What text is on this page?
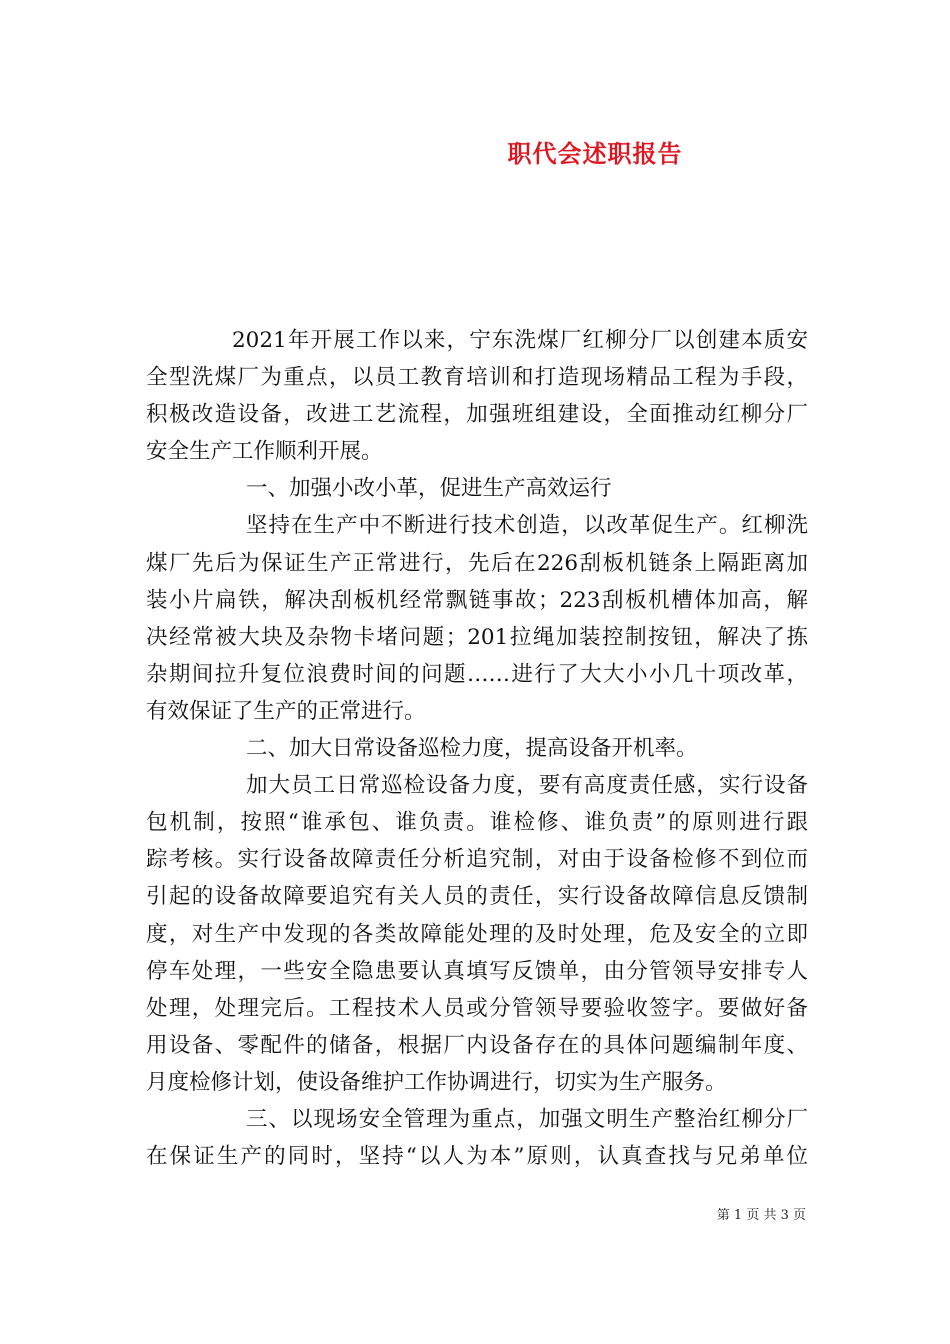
职代会述职报告
2021年开展工作以来，宁东洗煤厂红柳分厂以创建本质安
全型洗煤厂为重点，以员工教育培训和打造现场精品工程为手段，
积极改造设备，改进工艺流程，加强班组建设，全面推动红柳分厂
安全生产工作顺利开展。
一、加强小改小革，促进生产高效运行
坚持在生产中不断进行技术创造，以改革促生产。红柳洗
煤厂先后为保证生产正常进行，先后在226刮板机链条上隔距离加
装小片扁铁，解决刮板机经常飘链事故；223刮板机槽体加高，解
决经常被大块及杂物卡堵问题；201拉绳加装控制按钮，解决了拣
杂期间拉升复位浪费时间的问题……进行了大大小小几十项改革，
有效保证了生产的正常进行。
二、加大日常设备巡检力度，提高设备开机率。
加大员工日常巡检设备力度，要有高度责任感，实行设备
包机制，按照“谁承包、谁负责。谁检修、谁负责”的原则进行跟
踪考核。实行设备故障责任分析追究制，对由于设备检修不到位而
引起的设备故障要追究有关人员的责任，实行设备故障信息反馈制
度，对生产中发现的各类故障能处理的及时处理，危及安全的立即
停车处理，一些安全隐患要认真填写反馈单，由分管领导安排专人
处理，处理完后。工程技术人员或分管领导要验收签字。要做好备
用设备、零配件的储备，根据厂内设备存在的具体问题编制年度、
月度检修计划，使设备维护工作协调进行，切实为生产服务。
三、以现场安全管理为重点，加强文明生产整治红柳分厂
在保证生产的同时，坚持“以人为本”原则，认真查找与兄弟单位
第 1 页 共 3 页
